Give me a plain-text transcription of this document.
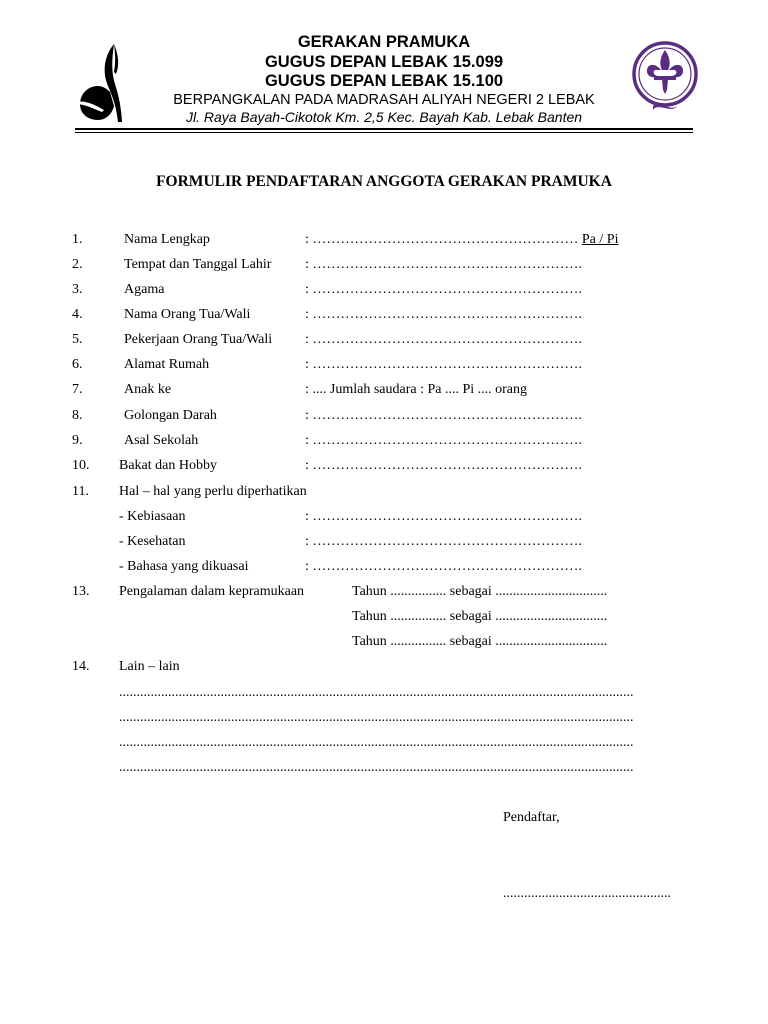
GERAKAN PRAMUKA
GUGUS DEPAN LEBAK 15.099
GUGUS DEPAN LEBAK 15.100
BERPANGKALAN PADA MADRASAH ALIYAH NEGERI 2 LEBAK
Jl. Raya Bayah-Cikotok Km. 2,5 Kec. Bayah Kab. Lebak Banten
FORMULIR PENDAFTARAN ANGGOTA GERAKAN PRAMUKA
1.	Nama Lengkap	: ………………………………………………… Pa / Pi
2.	Tempat dan Tanggal Lahir : ………………………………………………….
3.	Agama	: ………………………………………………….
4.	Nama Orang Tua/Wali	: ………………………………………………….
5.	Pekerjaan Orang Tua/Wali : ………………………………………………….
6.	Alamat Rumah	: ………………………………………………….
7.	Anak ke	: .... Jumlah saudara : Pa .... Pi .... orang
8.	Golongan Darah	: ………………………………………………….
9.	Asal Sekolah	: ………………………………………………….
10. Bakat dan Hobby	: ………………………………………………….
11. Hal – hal yang perlu diperhatikan
- Kebiasaan	: ………………………………………………….
- Kesehatan	: ………………………………………………….
- Bahasa yang dikuasai	: ………………………………………………….
13. Pengalaman dalam kepramukaan	Tahun ................ sebagai ................................
Tahun ................ sebagai ................................
Tahun ................ sebagai ................................
14. Lain – lain
...................................................................................................................................................
...................................................................................................................................................
...................................................................................................................................................
...................................................................................................................................................
Pendaftar,
................................................
